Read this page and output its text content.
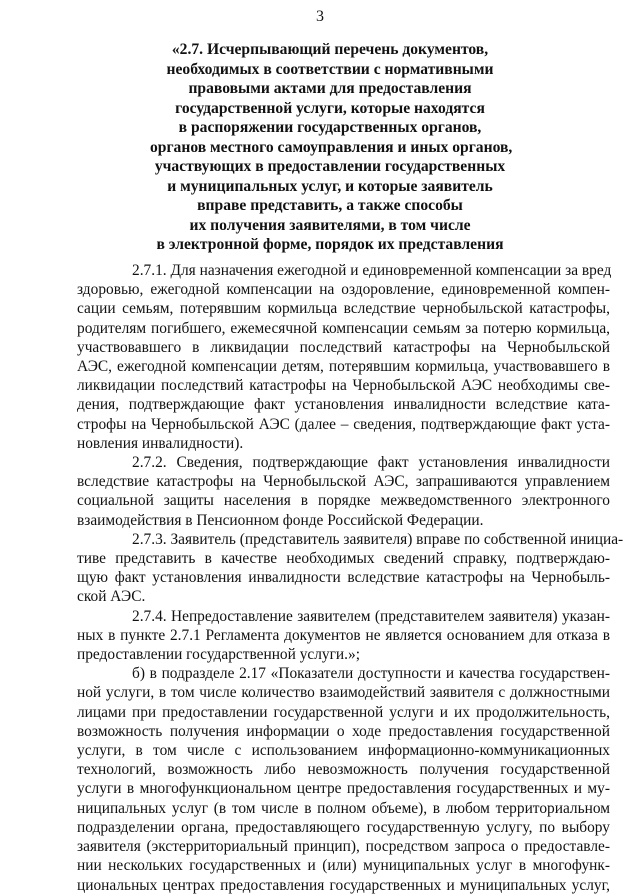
3
«2.7. Исчерпывающий перечень документов,
необходимых в соответствии с нормативными
правовыми актами для предоставления
государственной услуги, которые находятся
в распоряжении государственных органов,
органов местного самоуправления и иных органов,
участвующих в предоставлении государственных
и муниципальных услуг, и которые заявитель
вправе представить, а также способы
их получения заявителями, в том числе
в электронной форме, порядок их представления
2.7.1. Для назначения ежегодной и единовременной компенсации за вред
здоровью, ежегодной компенсации на оздоровление, единовременной компен-
сации семьям, потерявшим кормильца вследствие чернобыльской катастрофы,
родителям погибшего, ежемесячной компенсации семьям за потерю кормильца,
участвовавшего в ликвидации последствий катастрофы на Чернобыльской
АЭС, ежегодной компенсации детям, потерявшим кормильца, участвовавшего в
ликвидации последствий катастрофы на Чернобыльской АЭС необходимы све-
дения, подтверждающие факт установления инвалидности вследствие ката-
строфы на Чернобыльской АЭС (далее – сведения, подтверждающие факт уста-
новления инвалидности).
2.7.2. Сведения, подтверждающие факт установления инвалидности
вследствие катастрофы на Чернобыльской АЭС, запрашиваются управлением
социальной защиты населения в порядке межведомственного электронного
взаимодействия в Пенсионном фонде Российской Федерации.
2.7.3. Заявитель (представитель заявителя) вправе по собственной инициа-
тиве представить в качестве необходимых сведений справку, подтверждаю-
щую факт установления инвалидности вследствие катастрофы на Чернобыль-
ской АЭС.
2.7.4. Непредоставление заявителем (представителем заявителя) указан-
ных в пункте 2.7.1 Регламента документов не является основанием для отказа в
предоставлении государственной услуги.»;
б) в подразделе 2.17 «Показатели доступности и качества государствен-
ной услуги, в том числе количество взаимодействий заявителя с должностными
лицами при предоставлении государственной услуги и их продолжительность,
возможность получения информации о ходе предоставления государственной
услуги, в том числе с использованием информационно-коммуникационных
технологий, возможность либо невозможность получения государственной
услуги в многофункциональном центре предоставления государственных и му-
ниципальных услуг (в том числе в полном объеме), в любом территориальном
подразделении органа, предоставляющего государственную услугу, по выбору
заявителя (экстерриториальный принцип), посредством запроса о предоставле-
нии нескольких государственных и (или) муниципальных услуг в многофунк-
циональных центрах предоставления государственных и муниципальных услуг,
